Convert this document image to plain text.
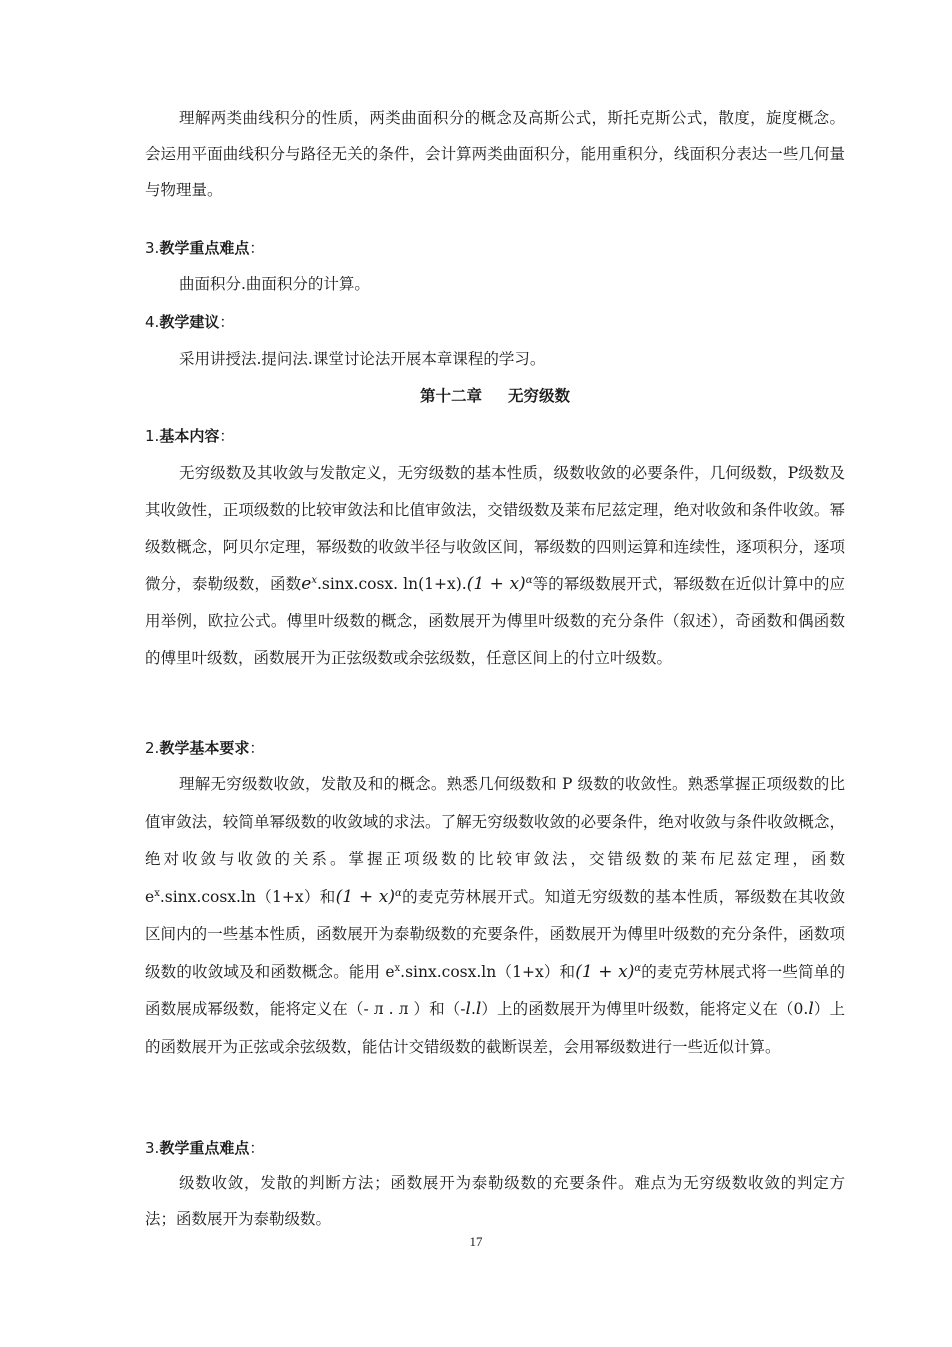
理解两类曲线积分的性质，两类曲面积分的概念及高斯公式，斯托克斯公式，散度，旋度概念。会运用平面曲线积分与路径无关的条件，会计算两类曲面积分，能用重积分，线面积分表达一些几何量与物理量。

3.教学重点难点：

曲面积分.曲面积分的计算。

4.教学建议：

采用讲授法.提问法.课堂讨论法开展本章课程的学习。

第十二章 无穷级数
1.基本内容：

无穷级数及其收敛与发散定义，无穷级数的基本性质，级数收敛的必要条件，几何级数，P级数及其收敛性，正项级数的比较审敛法和比值审敛法，交错级数及莱布尼兹定理，绝对收敛和条件收敛。幂级数概念，阿贝尔定理，幂级数的收敛半径与收敛区间，幂级数的四则运算和连续性，逐项积分，逐项微分，泰勒级数，函数$e^x.\sin x.\cos x$. $\ln(1+x).(1 + x)^\alpha$等的幂级数展开式，幂级数在近似计算中的应用举例，欧拉公式。傅里叶级数的概念，函数展开为傅里叶级数的充分条件（叙述），奇函数和偶函数的傅里叶级数，函数展开为正弦级数或余弦级数，任意区间上的付立叶级数。

2.教学基本要求：

理解无穷级数收敛，发散及和的概念。熟悉几何级数和 P 级数的收敛性。熟悉掌握正项级数的比值审敛法，较简单幂级数的收敛域的求法。了解无穷级数收敛的必要条件，绝对收敛与条件收敛概念，绝对收敛与收敛的关系。掌握正项级数的比较审敛法，交错级数的莱布尼兹定理，函数 $e^x.\sin x.\cos x.\ln(1+x)$和$(1 + x)^\alpha$的麦克劳林展开式。知道无穷级数的基本性质，幂级数在其收敛区间内的一些基本性质，函数展开为泰勒级数的充要条件，函数展开为傅里叶级数的充分条件，函数项级数的收敛域及和函数概念。能用 $e^x.\sin x.\cos x.\ln(1+x)$和$(1 + x)^\alpha$的麦克劳林展式将一些简单的函数展成幂级数，能将定义在（- л . л ）和（-l.l）上的函数展开为傅里叶级数，能将定义在（0.l）上的函数展开为正弦或余弦级数，能估计交错级数的截断误差，会用幂级数进行一些近似计算。

3.教学重点难点：

级数收敛，发散的判断方法；函数展开为泰勒级数的充要条件。难点为无穷级数收敛的判定方法；函数展开为泰勒级数。

17
